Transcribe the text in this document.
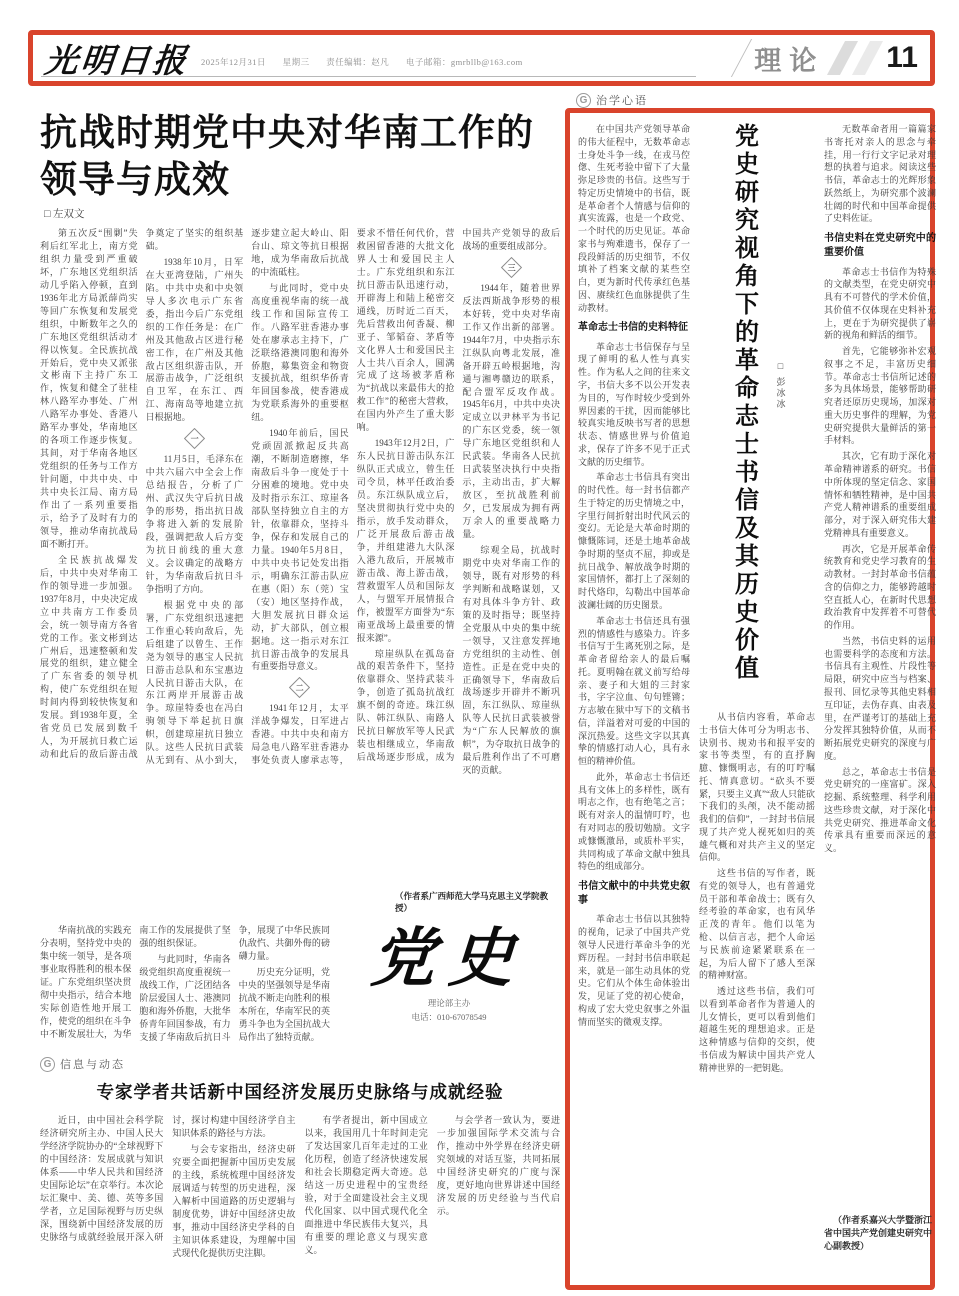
光明日报 2025年12月31日 星期三 责任编辑：赵凡 电子邮箱：gmrbllb@163.com	理论 11
抗战时期党中央对华南工作的
领导与成效
□ 左双文

第五次反“围剿”失利后红军北上，南方党组织力量受到严重破坏，广东地区党组织活动几乎陷入停顿，直到1936年北方局派薛尚实等回广东恢复和发展党组织，中断数年之久的广东地区党组织活动才得以恢复。全民族抗战开始后，党中央又派张文彬南下主持广东工作，恢复和健全了驻桂林八路军办事处、广州八路军办事处、香港八路军办事处，华南地区的各项工作逐步恢复。其间，对于华南各地区党组织的任务与工作方针问题，中共中央、中共中央长江局、南方局作出了一系列重要指示，给予了及时有力的领导，推动华南抗战局面不断打开。

全民族抗战爆发后，中共中央对华南工作的领导进一步加强。1937年8月，中央决定成立中共南方工作委员会，统一领导南方各省党的工作。张文彬到达广州后，迅速整顿和发展党的组织，建立健全了广东省委的领导机构，使广东党组织在短时间内得到较快恢复和发展。到1938年夏，全省党员已发展到数千人，为开展抗日救亡运动和此后的敌后游击战争奠定了坚实的组织基础。

1938年10月，日军在大亚湾登陆，广州失陷。中共中央和中央领导人多次电示广东省委，指出今后广东党组织的工作任务是：在广州及其他敌占区进行秘密工作，在广州及其他敌占区组织游击队，开展游击战争，广泛组织自卫军，在东江、西江、海南岛等地建立抗日根据地。

一

11月5日，毛泽东在中共六届六中全会上作总结报告，分析了广州、武汉失守后抗日战争的形势，指出抗日战争将进入新的发展阶段，强调把敌人后方变为抗日前线的重大意义。会议确定的战略方针，为华南敌后抗日斗争指明了方向。

根据党中央的部署，广东党组织迅速把工作重心转向敌后，先后组建了以曾生、王作尧为领导的惠宝人民抗日游击总队和东宝惠边人民抗日游击大队，在东江两岸开展游击战争。琼崖特委也在冯白驹领导下举起抗日旗帜，创建琼崖抗日独立队。这些人民抗日武装从无到有、从小到大，逐步建立起大岭山、阳台山、琼文等抗日根据地，成为华南敌后抗战的中流砥柱。

与此同时，党中央高度重视华南的统一战线工作和国际宣传工作。八路军驻香港办事处在廖承志主持下，广泛联络港澳同胞和海外侨胞，募集资金和物资支援抗战，组织华侨青年回国参战，使香港成为党联系海外的重要枢纽。

1940年前后，国民党顽固派掀起反共高潮，不断制造磨擦，华南敌后斗争一度处于十分困难的境地。党中央及时指示东江、琼崖各部队坚持独立自主的方针，依靠群众，坚持斗争，保存和发展自己的力量。1940年5月8日，中共中央书记处发出指示，明确东江游击队应在惠（阳）东（莞）宝（安）地区坚持作战，大胆发展抗日群众运动，扩大部队，创立根据地。这一指示对东江抗日游击战争的发展具有重要指导意义。

二

1941年12月，太平洋战争爆发，日军进占香港。中共中央和南方局急电八路军驻香港办事处负责人廖承志等，要求不惜任何代价，营救困留香港的大批文化界人士和爱国民主人士。广东党组织和东江抗日游击队迅速行动，开辟海上和陆上秘密交通线，历时近二百天，先后营救出何香凝、柳亚子、邹韬奋、茅盾等文化界人士和爱国民主人士共八百余人，圆满完成了这场被茅盾称为“抗战以来最伟大的抢救工作”的秘密大营救，在国内外产生了重大影响。

1943年12月2日，广东人民抗日游击队东江纵队正式成立，曾生任司令员，林平任政治委员。东江纵队成立后，坚决贯彻执行党中央的指示，放手发动群众，广泛开展敌后游击战争，并组建港九大队深入港九敌后，开展城市游击战、海上游击战，营救盟军人员和国际友人，与盟军开展情报合作，被盟军方面誉为“东南亚战场上最重要的情报来源”。

琼崖纵队在孤岛奋战的艰苦条件下，坚持依靠群众、坚持武装斗争，创造了孤岛抗战红旗不倒的奇迹。珠江纵队、韩江纵队、南路人民抗日解放军等人民武装也相继成立，华南敌后战场逐步形成，成为中国共产党领导的敌后战场的重要组成部分。

三

1944年，随着世界反法西斯战争形势的根本好转，党中央对华南工作又作出新的部署。1944年7月，中央指示东江纵队向粤北发展，准备开辟五岭根据地，沟通与湘粤赣边的联系，配合盟军反攻作战。1945年6月，中共中央决定成立以尹林平为书记的广东区党委，统一领导广东地区党组织和人民武装。华南各人民抗日武装坚决执行中央指示，主动出击，扩大解放区，至抗战胜利前夕，已发展成为拥有两万余人的重要战略力量。

综观全局，抗战时期党中央对华南工作的领导，既有对形势的科学判断和战略谋划，又有对具体斗争方针、政策的及时指导；既坚持全党服从中央的集中统一领导，又注意发挥地方党组织的主动性、创造性。正是在党中央的正确领导下，华南敌后战场逐步开辟并不断巩固，东江纵队、琼崖纵队等人民抗日武装被誉为“广东人民解放的旗帜”，为夺取抗日战争的最后胜利作出了不可磨灭的贡献。

华南抗战的实践充分表明，坚持党中央的集中统一领导，是各项事业取得胜利的根本保证。广东党组织坚决贯彻中央指示，结合本地实际创造性地开展工作，使党的组织在斗争中不断发展壮大，为华南工作的发展提供了坚强的组织保证。

与此同时，华南各级党组织高度重视统一战线工作，广泛团结各阶层爱国人士、港澳同胞和海外侨胞，大批华侨青年回国参战，有力支援了华南敌后抗日斗争，展现了中华民族同仇敌忾、共御外侮的磅礴力量。

历史充分证明，党中央的坚强领导是华南抗战不断走向胜利的根本所在，华南军民的英勇斗争也为全国抗战大局作出了独特贡献。

（作者系广西师范大学马克思主义学院教授）
党史
理论部主办
电话：010-67078549
G 信息与动态
专家学者共话新中国经济发展历史脉络与成就经验

近日，由中国社会科学院经济研究所主办、中国人民大学经济学院协办的“全球视野下的中国经济：发展成就与知识体系——中华人民共和国经济史国际论坛”在京举行。本次论坛汇聚中、美、德、英等多国学者，立足国际视野与历史纵深，围绕新中国经济发展的历史脉络与成就经验展开深入研讨，探讨构建中国经济学自主知识体系的路径与方法。

与会专家指出，经济史研究要全面把握新中国历史发展的主线，系统梳理中国经济发展调适与转型的历史进程，深入解析中国道路的历史逻辑与制度优势，讲好中国经济史故事，推动中国经济史学科的自主知识体系建设，为理解中国式现代化提供历史注脚。

有学者提出，新中国成立以来，我国用几十年时间走完了发达国家几百年走过的工业化历程，创造了经济快速发展和社会长期稳定两大奇迹。总结这一历史进程中的宝贵经验，对于全面建设社会主义现代化国家、以中国式现代化全面推进中华民族伟大复兴，具有重要的理论意义与现实意义。

与会学者一致认为，要进一步加强国际学术交流与合作，推动中外学界在经济史研究领域的对话互鉴，共同拓展中国经济史研究的广度与深度，更好地向世界讲述中国经济发展的历史经验与当代启示。

G 治学心语

在中国共产党领导革命的伟大征程中，无数革命志士身处斗争一线，在戎马倥偬、生死考验中留下了大量弥足珍贵的书信。这些写于特定历史情境中的书信，既是革命者个人情感与信仰的真实流露，也是一个政党、一个时代的历史见证。革命家书与殉难遗书，保存了一段段鲜活的历史细节，不仅填补了档案文献的某些空白，更为新时代传承红色基因、赓续红色血脉提供了生动教材。

革命志士书信的史料特征

革命志士书信保存与呈现了鲜明的私人性与真实性。作为私人之间的往来文字，书信大多不以公开发表为目的，写作时较少受到外界因素的干扰，因而能够比较真实地反映书写者的思想状态、情感世界与价值追求，保存了许多不见于正式文献的历史细节。

革命志士书信具有突出的时代性。每一封书信都产生于特定的历史情境之中，字里行间折射出时代风云的变幻。无论是大革命时期的慷慨陈词，还是土地革命战争时期的坚贞不屈，抑或是抗日战争、解放战争时期的家国情怀，都打上了深刻的时代烙印，勾勒出中国革命波澜壮阔的历史图景。

革命志士书信还具有强烈的情感性与感染力。许多书信写于生离死别之际，是革命者留给亲人的最后嘱托。夏明翰在就义前写给母亲、妻子和大姐的三封家书，字字泣血、句句铿锵；方志敏在狱中写下的文稿书信，洋溢着对可爱的中国的深沉热爱。这些文字以其真挚的情感打动人心，具有永恒的精神价值。

此外，革命志士书信还具有文体上的多样性，既有明志之作，也有绝笔之言；既有对亲人的温情叮咛，也有对同志的殷切勉励。文字或慷慨激昂，或质朴平实，共同构成了革命文献中独具特色的组成部分。

书信文献中的中共党史叙事

革命志士书信以其独特的视角，记录了中国共产党领导人民进行革命斗争的光辉历程。一封封书信串联起来，就是一部生动具体的党史。它们从个体生命体验出发，见证了党的初心使命，构成了宏大党史叙事之外温情而坚实的微观支撑。

党史研究视角下的革命志士书信及其历史价值	□ 彭冰冰

从书信内容看，革命志士书信大体可分为明志书、诀别书、规劝书和报平安的家书等类型，有的直抒胸臆、慷慨明志，有的叮咛嘱托、情真意切。“砍头不要紧，只要主义真”“敌人只能砍下我们的头颅，决不能动摇我们的信仰”，一封封书信展现了共产党人视死如归的英雄气概和对共产主义的坚定信仰。

这些书信的写作者，既有党的领导人，也有普通党员干部和革命战士；既有久经考验的革命家，也有风华正茂的青年。他们以笔为枪、以信言志，把个人命运与民族前途紧紧联系在一起，为后人留下了感人至深的精神财富。

透过这些书信，我们可以看到革命者作为普通人的儿女情长，更可以看到他们超越生死的理想追求。正是这种情感与信仰的交织，使书信成为解读中国共产党人精神世界的一把钥匙。

无数革命者用一篇篇家书寄托对亲人的思念与牵挂，用一行行文字记录对理想的执着与追求。阅读这些书信，革命志士的光辉形象跃然纸上，为研究那个波澜壮阔的时代和中国革命提供了史料佐证。

书信史料在党史研究中的重要价值

革命志士书信作为特殊的文献类型，在党史研究中具有不可替代的学术价值，其价值不仅体现在史料补充上，更在于为研究提供了崭新的视角和鲜活的细节。

首先，它能够弥补宏观叙事之不足，丰富历史细节。革命志士书信所记述的多为具体场景，能够帮助研究者还原历史现场，加深对重大历史事件的理解，为党史研究提供大量鲜活的第一手材料。

其次，它有助于深化对革命精神谱系的研究。书信中所体现的坚定信念、家国情怀和牺牲精神，是中国共产党人精神谱系的重要组成部分，对于深入研究伟大建党精神具有重要意义。

再次，它是开展革命传统教育和党史学习教育的生动教材。一封封革命书信蕴含的信仰之力，能够跨越时空直抵人心，在新时代思想政治教育中发挥着不可替代的作用。

当然，书信史料的运用也需要科学的态度和方法。书信具有主观性、片段性等局限，研究中应当与档案、报刊、回忆录等其他史料相互印证，去伪存真、由表及里，在严谨考订的基础上充分发挥其独特价值，从而不断拓展党史研究的深度与广度。

总之，革命志士书信是党史研究的一座富矿。深入挖掘、系统整理、科学利用这些珍贵文献，对于深化中共党史研究、推进革命文化传承具有重要而深远的意义。

（作者系嘉兴大学暨浙江省中国共产党创建史研究中心副教授）
